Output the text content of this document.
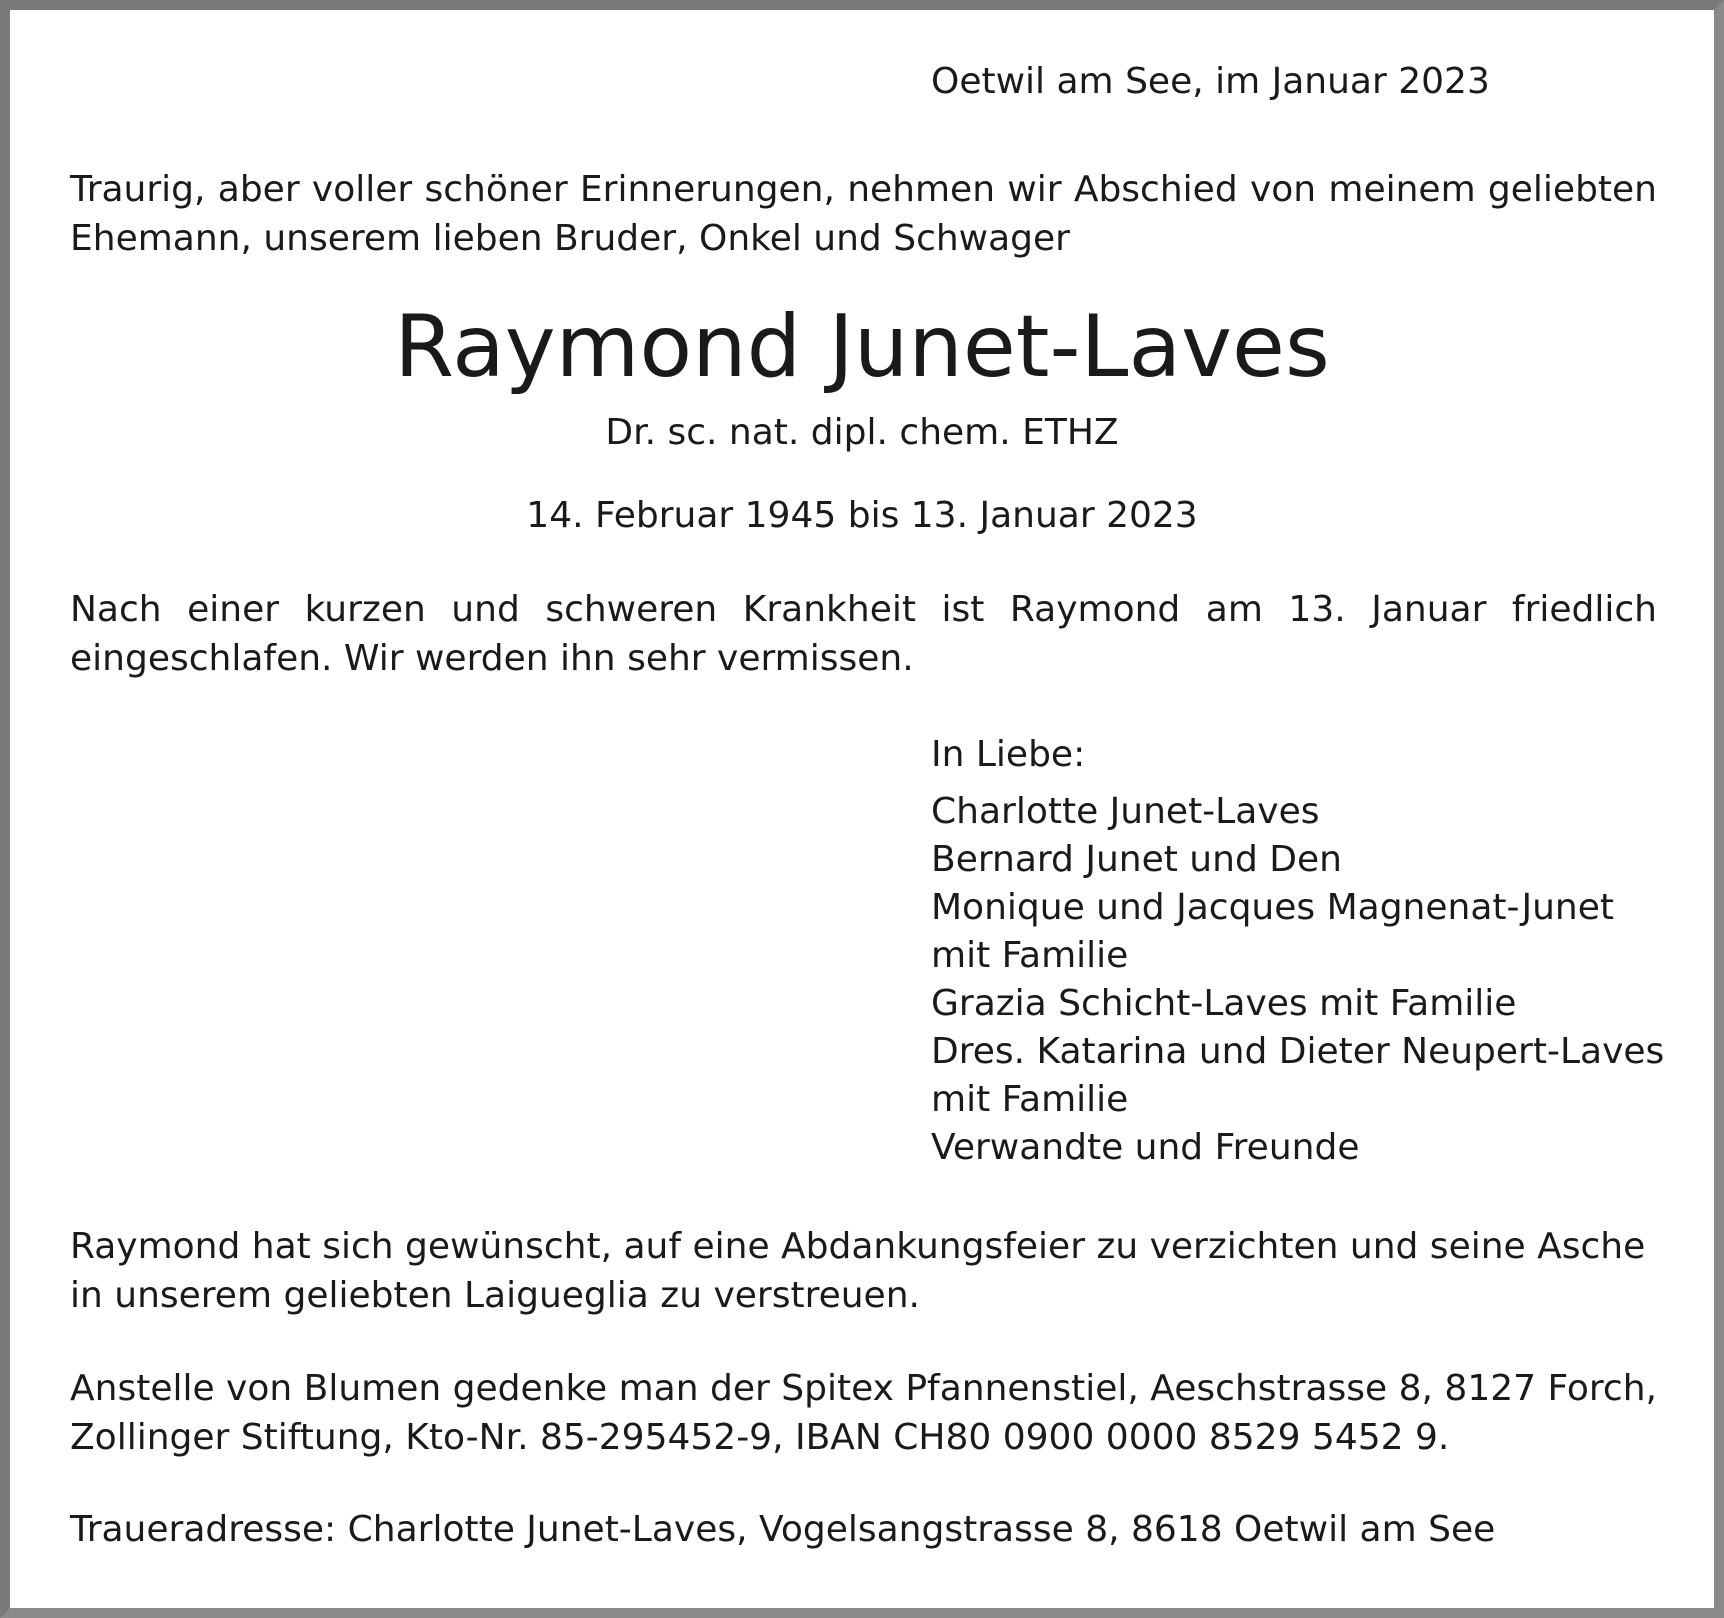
Oetwil am See, im Januar 2023

Traurig, aber voller schöner Erinnerungen, nehmen wir Abschied von meinem geliebten Ehemann, unserem lieben Bruder, Onkel und Schwager

Raymond Junet-Laves

Dr. sc. nat. dipl. chem. ETHZ

14. Februar 1945 bis 13. Januar 2023

Nach einer kurzen und schweren Krankheit ist Raymond am 13. Januar friedlich eingeschlafen. Wir werden ihn sehr vermissen.

In Liebe:

Charlotte Junet-Laves
Bernard Junet und Den
Monique und Jacques Magnenat-Junet
mit Familie
Grazia Schicht-Laves mit Familie
Dres. Katarina und Dieter Neupert-Laves
mit Familie
Verwandte und Freunde

Raymond hat sich gewünscht, auf eine Abdankungsfeier zu verzichten und seine Asche in unserem geliebten Laigueglia zu verstreuen.

Anstelle von Blumen gedenke man der Spitex Pfannenstiel, Aeschstrasse 8, 8127 Forch, Zollinger Stiftung, Kto-Nr. 85-295452-9, IBAN CH80 0900 0000 8529 5452 9.

Traueradresse: Charlotte Junet-Laves, Vogelsangstrasse 8, 8618 Oetwil am See
